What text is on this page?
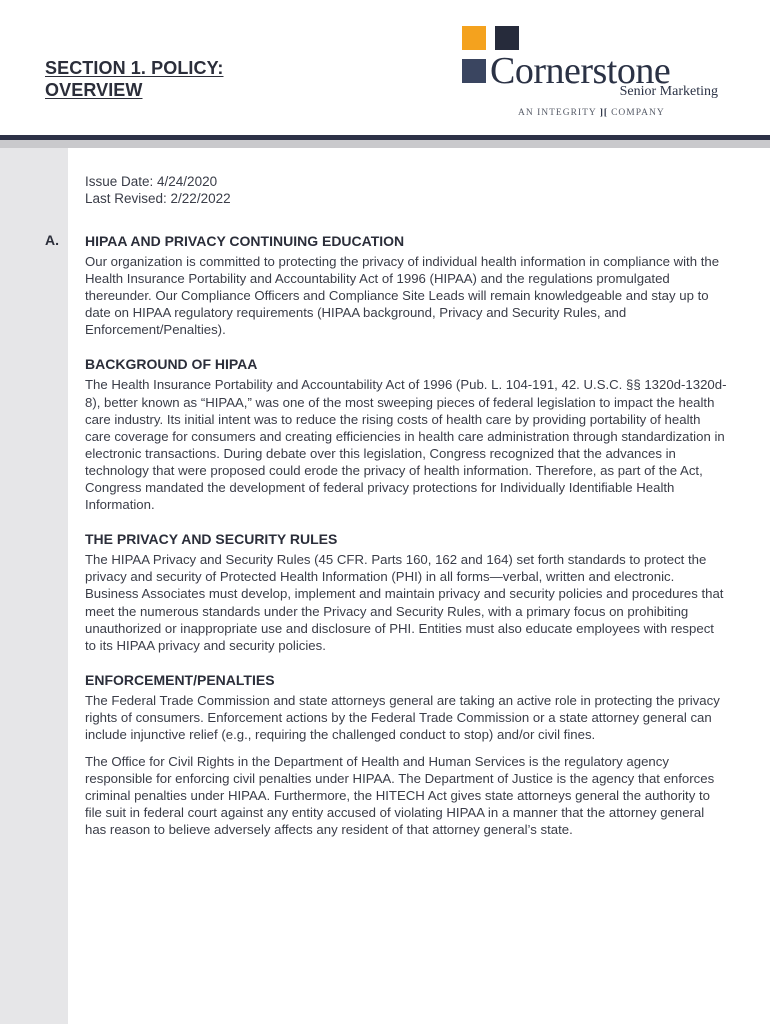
SECTION 1. POLICY:
OVERVIEW	Cornerstone
Senior Marketing
AN INTEGRITY ][ COMPANY
Issue Date: 4/24/2020
Last Revised: 2/22/2022
A. HIPAA AND PRIVACY CONTINUING EDUCATION

Our organization is committed to protecting the privacy of individual health information in compliance with the Health Insurance Portability and Accountability Act of 1996 (HIPAA) and the regulations promulgated thereunder. Our Compliance Officers and Compliance Site Leads will remain knowledgeable and stay up to date on HIPAA regulatory requirements (HIPAA background, Privacy and Security Rules, and Enforcement/Penalties).

BACKGROUND OF HIPAA

The Health Insurance Portability and Accountability Act of 1996 (Pub. L. 104-191, 42. U.S.C. §§ 1320d-1320d-8), better known as “HIPAA,” was one of the most sweeping pieces of federal legislation to impact the health care industry. Its initial intent was to reduce the rising costs of health care by providing portability of health care coverage for consumers and creating efficiencies in health care administration through standardization in electronic transactions. During debate over this legislation, Congress recognized that the advances in technology that were proposed could erode the privacy of health information. Therefore, as part of the Act, Congress mandated the development of federal privacy protections for Individually Identifiable Health Information.

THE PRIVACY AND SECURITY RULES

The HIPAA Privacy and Security Rules (45 CFR. Parts 160, 162 and 164) set forth standards to protect the privacy and security of Protected Health Information (PHI) in all forms—verbal, written and electronic. Business Associates must develop, implement and maintain privacy and security policies and procedures that meet the numerous standards under the Privacy and Security Rules, with a primary focus on prohibiting unauthorized or inappropriate use and disclosure of PHI. Entities must also educate employees with respect to its HIPAA privacy and security policies.

ENFORCEMENT/PENALTIES

The Federal Trade Commission and state attorneys general are taking an active role in protecting the privacy rights of consumers. Enforcement actions by the Federal Trade Commission or a state attorney general can include injunctive relief (e.g., requiring the challenged conduct to stop) and/or civil fines.

The Office for Civil Rights in the Department of Health and Human Services is the regulatory agency responsible for enforcing civil penalties under HIPAA. The Department of Justice is the agency that enforces criminal penalties under HIPAA. Furthermore, the HITECH Act gives state attorneys general the authority to file suit in federal court against any entity accused of violating HIPAA in a manner that the attorney general has reason to believe adversely affects any resident of that attorney general’s state.
